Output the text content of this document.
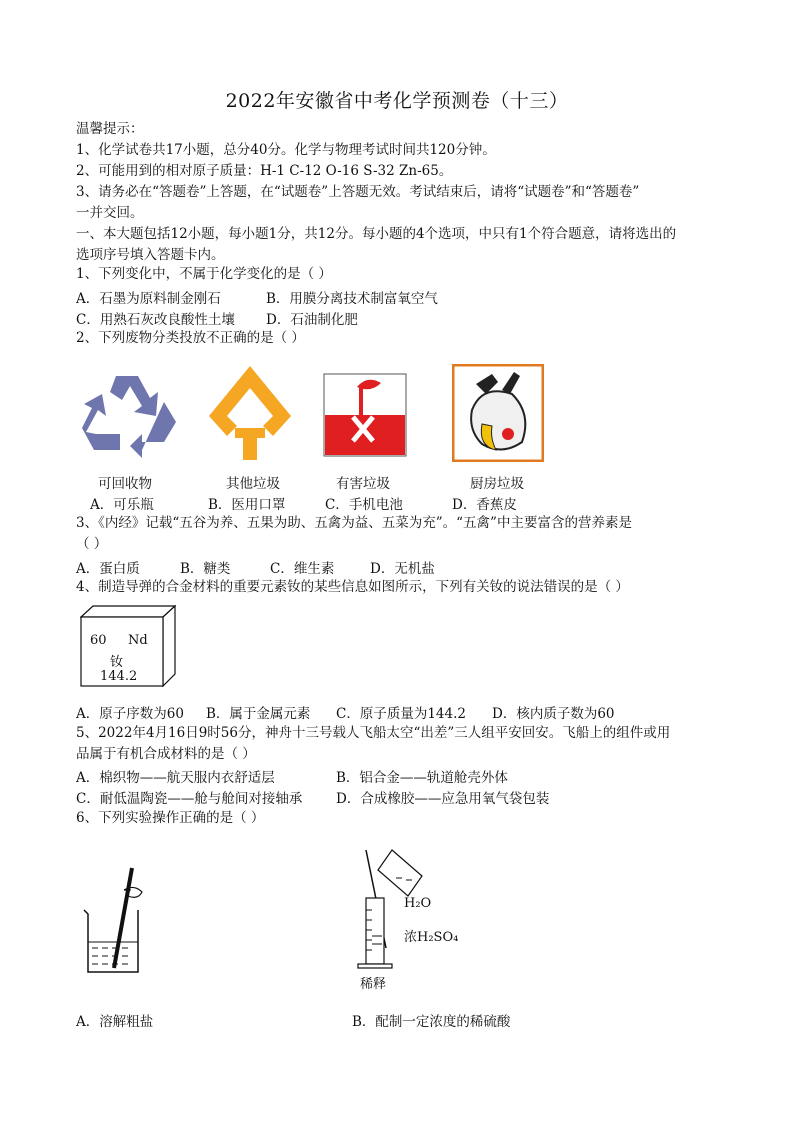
2022年安徽省中考化学预测卷（十三）
温馨提示：
1、化学试卷共17小题，总分40分。化学与物理考试时间共120分钟。
2、可能用到的相对原子质量：H-1 C-12 O-16 S-32 Zn-65。
3、请务必在“答题卷”上答题，在“试题卷”上答题无效。考试结束后，请将“试题卷”和“答题卷”
一并交回。
一、本大题包括12小题，每小题1分，共12分。每小题的4个选项，中只有1个符合题意，请将选出的
选项序号填入答题卡内。
1、下列变化中，不属于化学变化的是（ ）
A．石墨为原料制金刚石	B．用膜分离技术制富氧空气
C．用熟石灰改良酸性土壤 D．石油制化肥
2、下列废物分类投放不正确的是（ ）
可回收物	其他垃圾	有害垃圾	厨房垃圾
A．可乐瓶	B．医用口罩	C．手机电池	D．香蕉皮
3、《内经》记载“五谷为养、五果为助、五禽为益、五菜为充”。“五禽”中主要富含的营养素是
（ ）
A．蛋白质	B．糖类	C．维生素	D．无机盐
4、制造导弹的合金材料的重要元素钕的某些信息如图所示，下列有关钕的说法错误的是（ ）
60 Nd
钕
144.2
A．原子序数为60 B．属于金属元素 C．原子质量为144.2 D．核内质子数为60
5、2022年4月16日9时56分，神舟十三号载人飞船太空“出差”三人组平安回安。飞船上的组件或用
品属于有机合成材料的是（ ）
A．棉织物——航天服内衣舒适层	B．铝合金——轨道舱壳外体
C．耐低温陶瓷——舱与舱间对接轴承 D．合成橡胶——应急用氧气袋包装
6、下列实验操作正确的是（ ）
H₂O
浓H₂SO₄
稀释
A．溶解粗盐	B．配制一定浓度的稀硫酸
